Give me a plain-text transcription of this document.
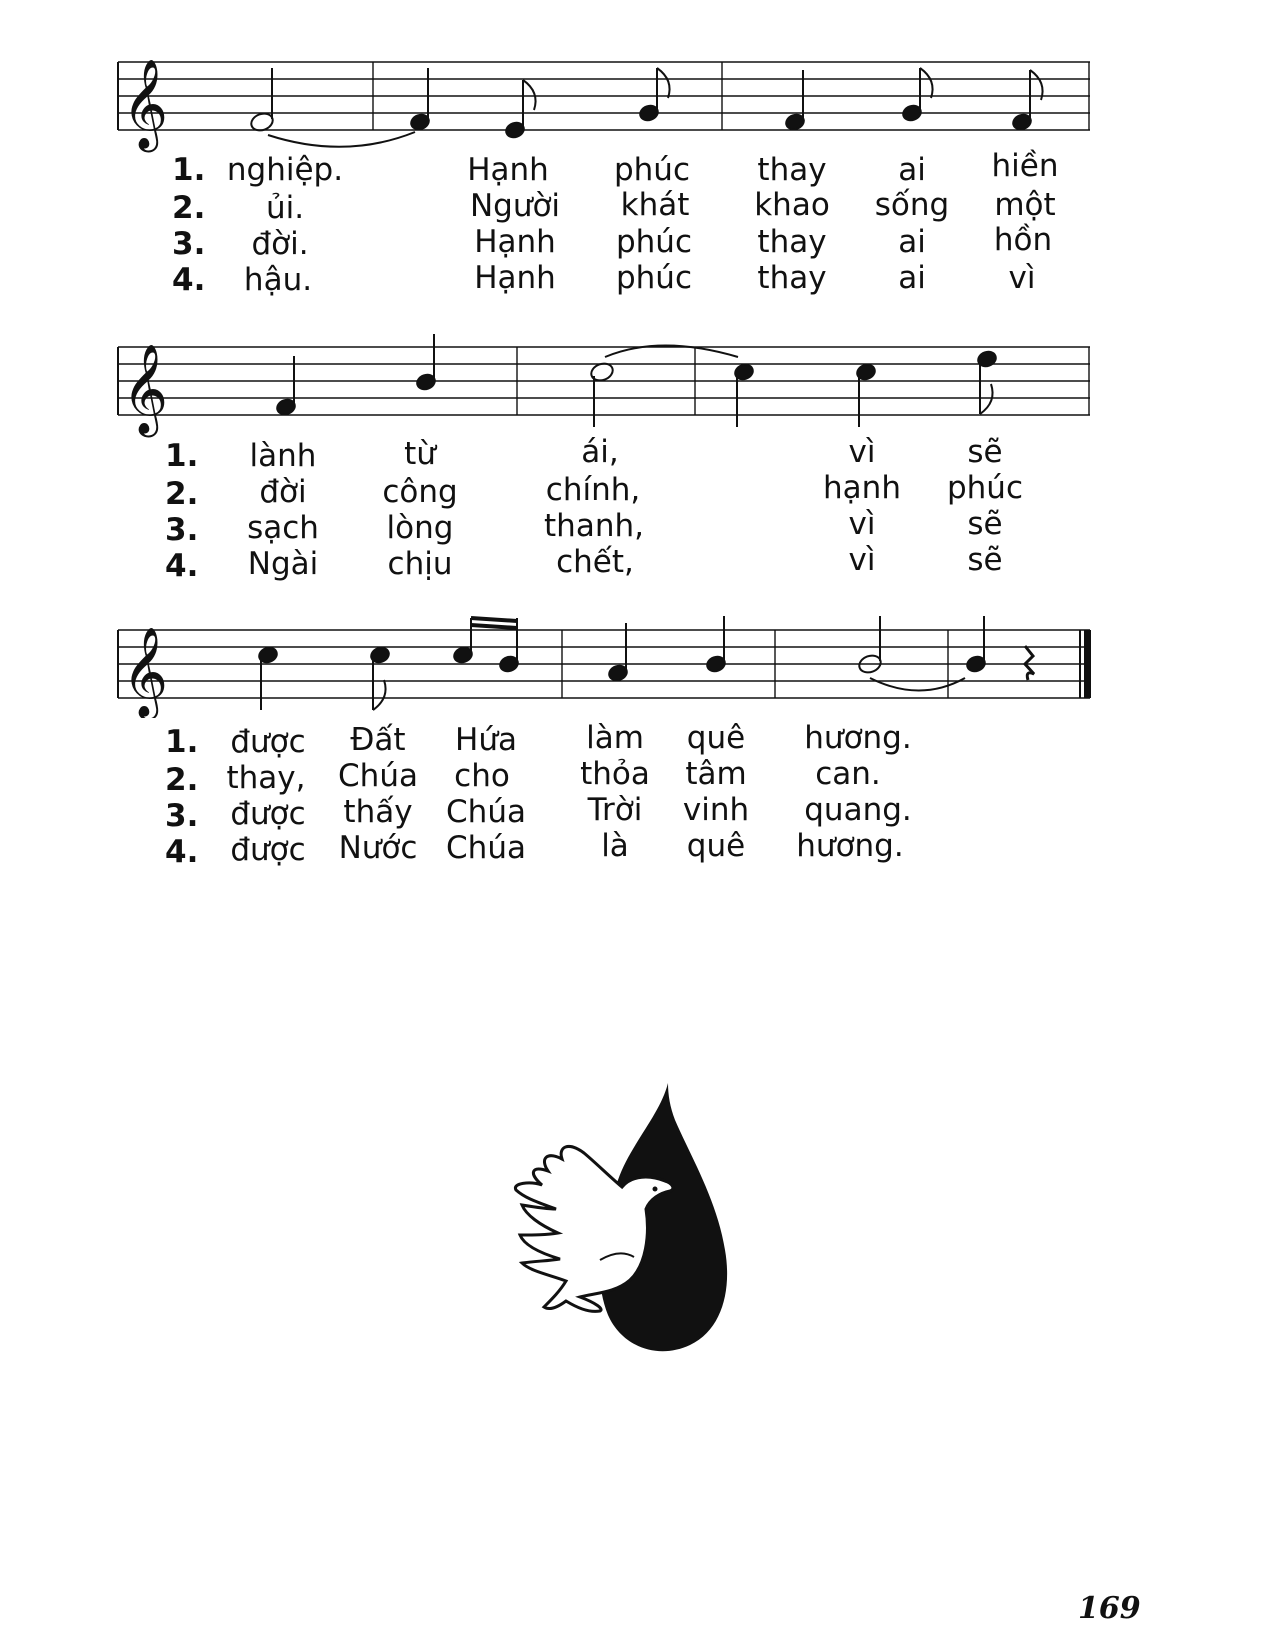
𝄞
1. nghiệp.	Hạnh phúc thay ai hiền
2. ủi.	Người khát khao sống một
3. đời.	Hạnh phúc thay ai hồn
4. hậu.	Hạnh phúc thay ai	vì
𝄞
1. lành	từ	ái,	vì	sẽ
2. đời công	chính,	hạnh phúc
3. sạch lòng	thanh,	vì	sẽ
4. Ngài chịu	chết,	vì	sẽ
𝄞
1. được Đất Hứa làm quê hương.
2. thay, Chúa cho thỏa tâm can.
3. được thấy Chúa Trời vinh quang.
4. được Nước Chúa là quê hương.
169
